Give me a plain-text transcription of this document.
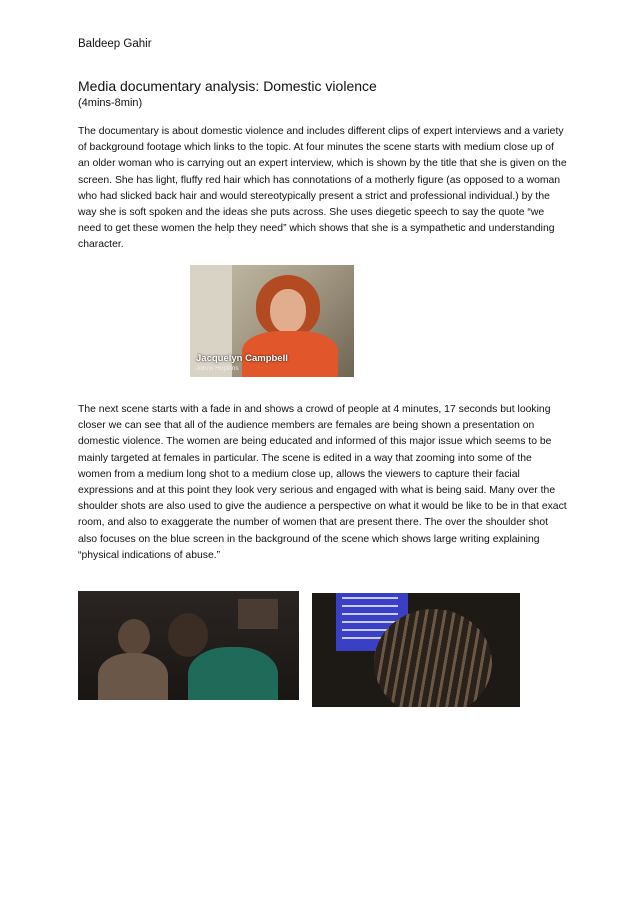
Baldeep Gahir
Media documentary analysis: Domestic violence
(4mins-8min)

The documentary is about domestic violence and includes different clips of expert interviews and a variety of background footage which links to the topic. At four minutes the scene starts with medium close up of an older woman who is carrying out an expert interview, which is shown by the title that she is given on the screen. She has light, fluffy red hair which has connotations of a motherly figure (as opposed to a woman who had slicked back hair and would stereotypically present a strict and professional individual.) by the way she is soft spoken and the ideas she puts across. She uses diegetic speech to say the quote “we need to get these women the help they need” which shows that she is a sympathetic and understanding character.

Jacquelyn Campbell
Johns Hopkins

The next scene starts with a fade in and shows a crowd of people at 4 minutes, 17 seconds but looking closer we can see that all of the audience members are females are being shown a presentation on domestic violence. The women are being educated and informed of this major issue which seems to be mainly targeted at females in particular. The scene is edited in a way that zooming into some of the women from a medium long shot to a medium close up, allows the viewers to capture their facial expressions and at this point they look very serious and engaged with what is being said. Many over the shoulder shots are also used to give the audience a perspective on what it would be like to be in that exact room, and also to exaggerate the number of women that are present there. The over the shoulder shot also focuses on the blue screen in the background of the scene which shows large writing explaining “physical indications of abuse.”
